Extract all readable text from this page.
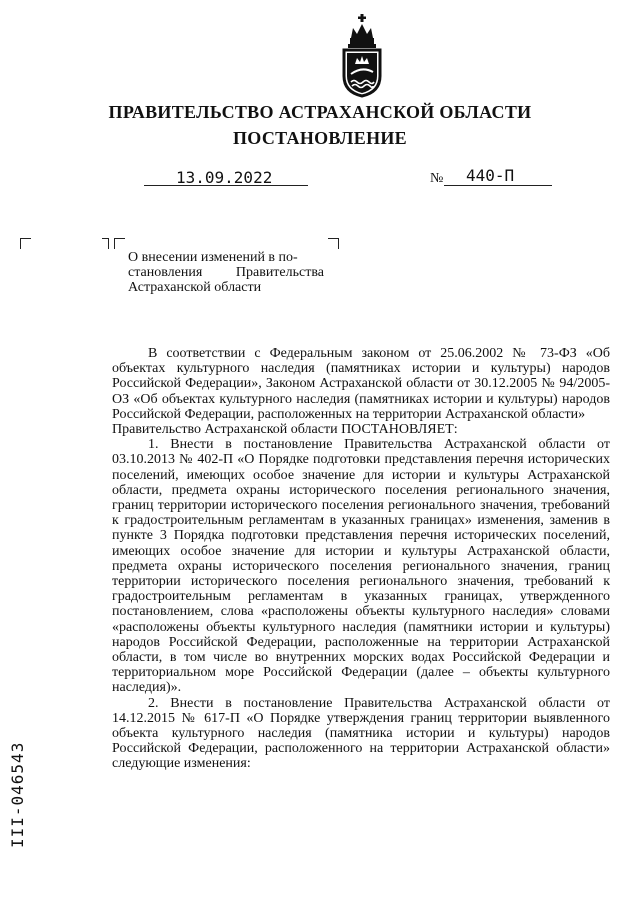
ПРАВИТЕЛЬСТВО АСТРАХАНСКОЙ ОБЛАСТИ
ПОСТАНОВЛЕНИЕ
13.09.2022	№ 440-П
О внесении изменений в по-
становления Правительства
Астраханской области

В соответствии с Федеральным законом от 25.06.2002 № 73-ФЗ «Об объектах культурного наследия (памятниках истории и культуры) народов Российской Федерации», Законом Астраханской области от 30.12.2005 № 94/2005-ОЗ «Об объектах культурного наследия (памятниках истории и культуры) народов Российской Федерации, расположенных на территории Астраханской области»

Правительство Астраханской области ПОСТАНОВЛЯЕТ:

1. Внести в постановление Правительства Астраханской области от 03.10.2013 № 402-П «О Порядке подготовки представления перечня исторических поселений, имеющих особое значение для истории и культуры Астраханской области, предмета охраны исторического поселения регионального значения, границ территории исторического поселения регионального значения, требований к градостроительным регламентам в указанных границах» изменения, заменив в пункте 3 Порядка подготовки представления перечня исторических поселений, имеющих особое значение для истории и культуры Астраханской области, предмета охраны исторического поселения регионального значения, границ территории исторического поселения регионального значения, требований к градостроительным регламентам в указанных границах, утвержденного постановлением, слова «расположены объекты культурного наследия» словами «расположены объекты культурного наследия (памятники истории и культуры) народов Российской Федерации, расположенные на территории Астраханской области, в том числе во внутренних морских водах Российской Федерации и территориальном море Российской Федерации (далее – объекты культурного наследия)».

2. Внести в постановление Правительства Астраханской области от 14.12.2015 № 617-П «О Порядке утверждения границ территории выявленного объекта культурного наследия (памятника истории и культуры) народов Российской Федерации, расположенного на территории Астраханской области» следующие изменения:

III-046543
